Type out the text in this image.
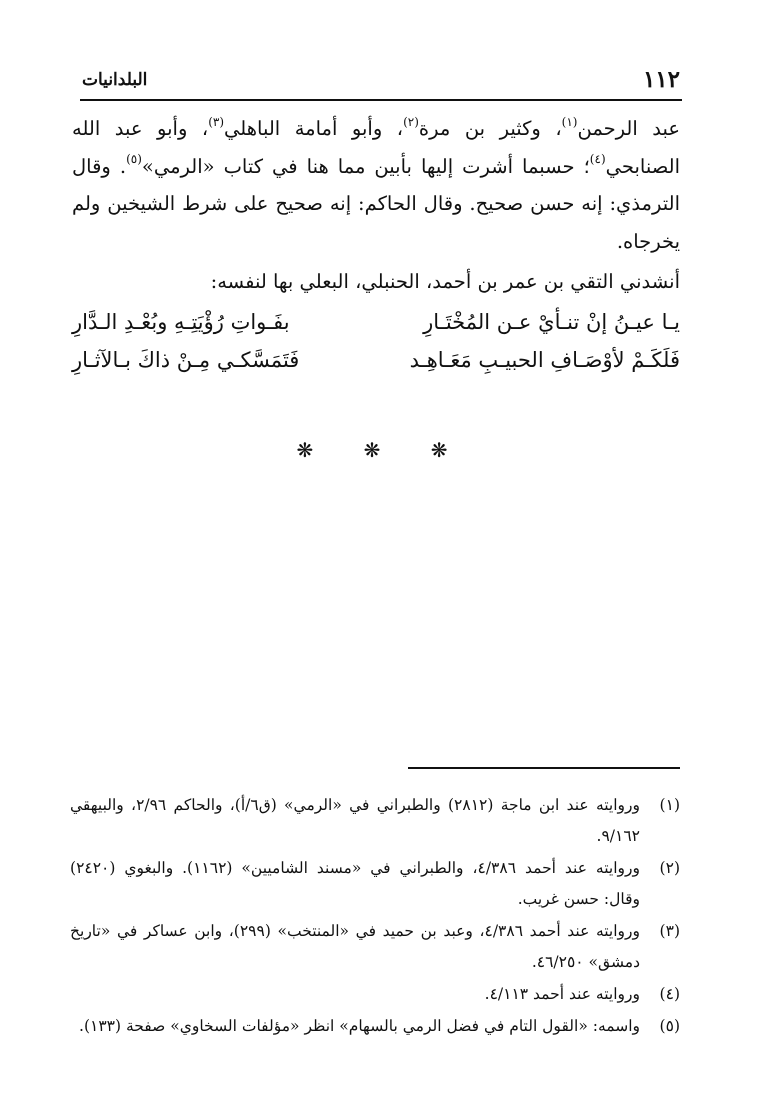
١١٢
البلدانيات

عبد الرحمن$^{(١)}$، وكثير بن مرة$^{(٢)}$، وأبو أمامة الباهلي$^{(٣)}$، وأبو عبد الله الصنابحي$^{(٤)}$؛ حسبما أشرت إليها بأبين مما هنا في كتاب «الرمي»$^{(٥)}$. وقال الترمذي: إنه حسن صحيح. وقال الحاكم: إنه صحيح على شرط الشيخين ولم يخرجاه.

أنشدني التقي بن عمر بن أحمد، الحنبلي، البعلي بها لنفسه:
يـا عيـنُ إنْ تنـأيْ عـن المُخْتَـارِ
بفَـواتِ رُؤْيَتِـهِ وبُعْـدِ الـدَّارِ
فَلَكَـمْ لأوْصَـافِ الحبيـبِ مَعَـاهِـد
فَتَمَسَّكـي مِـنْ ذاكَ بـالآثـارِ
❋ ❋ ❋
(١)
وروايته عند ابن ماجة (٢٨١٢) والطبراني في «الرمي» (ق٦/أ)، والحاكم ٢/٩٦، والبيهقي ٩/١٦٢.
(٢)
وروايته عند أحمد ٤/٣٨٦، والطبراني في «مسند الشاميين» (١١٦٢). والبغوي (٢٤٢٠) وقال: حسن غريب.
(٣)
وروايته عند أحمد ٤/٣٨٦، وعبد بن حميد في «المنتخب» (٢٩٩)، وابن عساكر في «تاريخ دمشق» ٤٦/٢٥٠.
(٤)
وروايته عند أحمد ٤/١١٣.
(٥)
واسمه: «القول التام في فضل الرمي بالسهام» انظر «مؤلفات السخاوي» صفحة (١٣٣).
